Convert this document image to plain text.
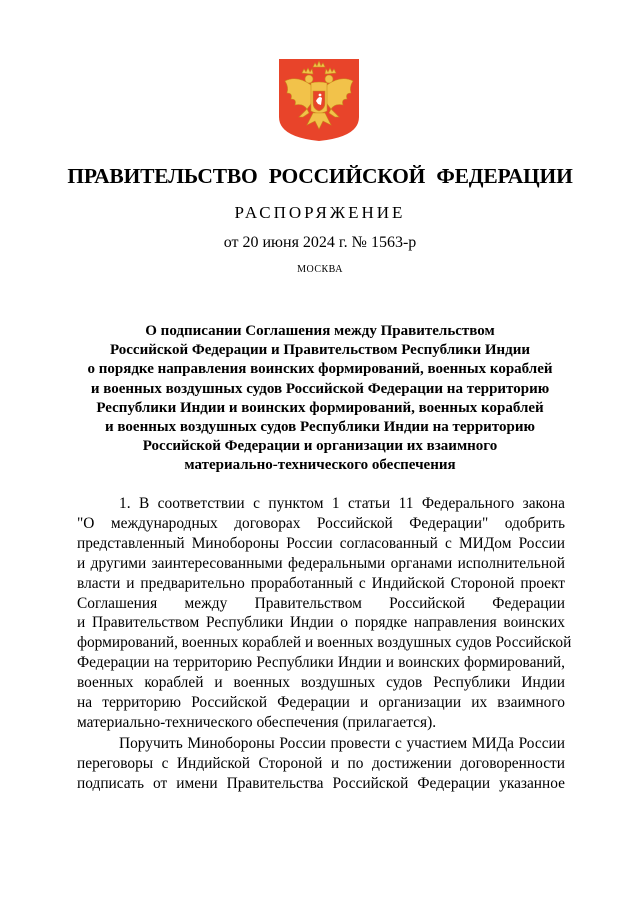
ПРАВИТЕЛЬСТВО РОССИЙСКОЙ ФЕДЕРАЦИИ
РАСПОРЯЖЕНИЕ
от 20 июня 2024 г. № 1563-р
МОСКВА
О подписании Соглашения между Правительством
Российской Федерации и Правительством Республики Индии
о порядке направления воинских формирований, военных кораблей
и военных воздушных судов Российской Федерации на территорию
Республики Индии и воинских формирований, военных кораблей
и военных воздушных судов Республики Индии на территорию
Российской Федерации и организации их взаимного
материально-технического обеспечения
1. В соответствии с пунктом 1 статьи 11 Федерального закона
"О международных договорах Российской Федерации" одобрить
представленный Минобороны России согласованный с МИДом России
и другими заинтересованными федеральными органами исполнительной
власти и предварительно проработанный с Индийской Стороной проект
Соглашения между Правительством Российской Федерации
и Правительством Республики Индии о порядке направления воинских
формирований, военных кораблей и военных воздушных судов Российской
Федерации на территорию Республики Индии и воинских формирований,
военных кораблей и военных воздушных судов Республики Индии
на территорию Российской Федерации и организации их взаимного
материально-технического обеспечения (прилагается).
Поручить Минобороны России провести с участием МИДа России
переговоры с Индийской Стороной и по достижении договоренности
подписать от имени Правительства Российской Федерации указанное
